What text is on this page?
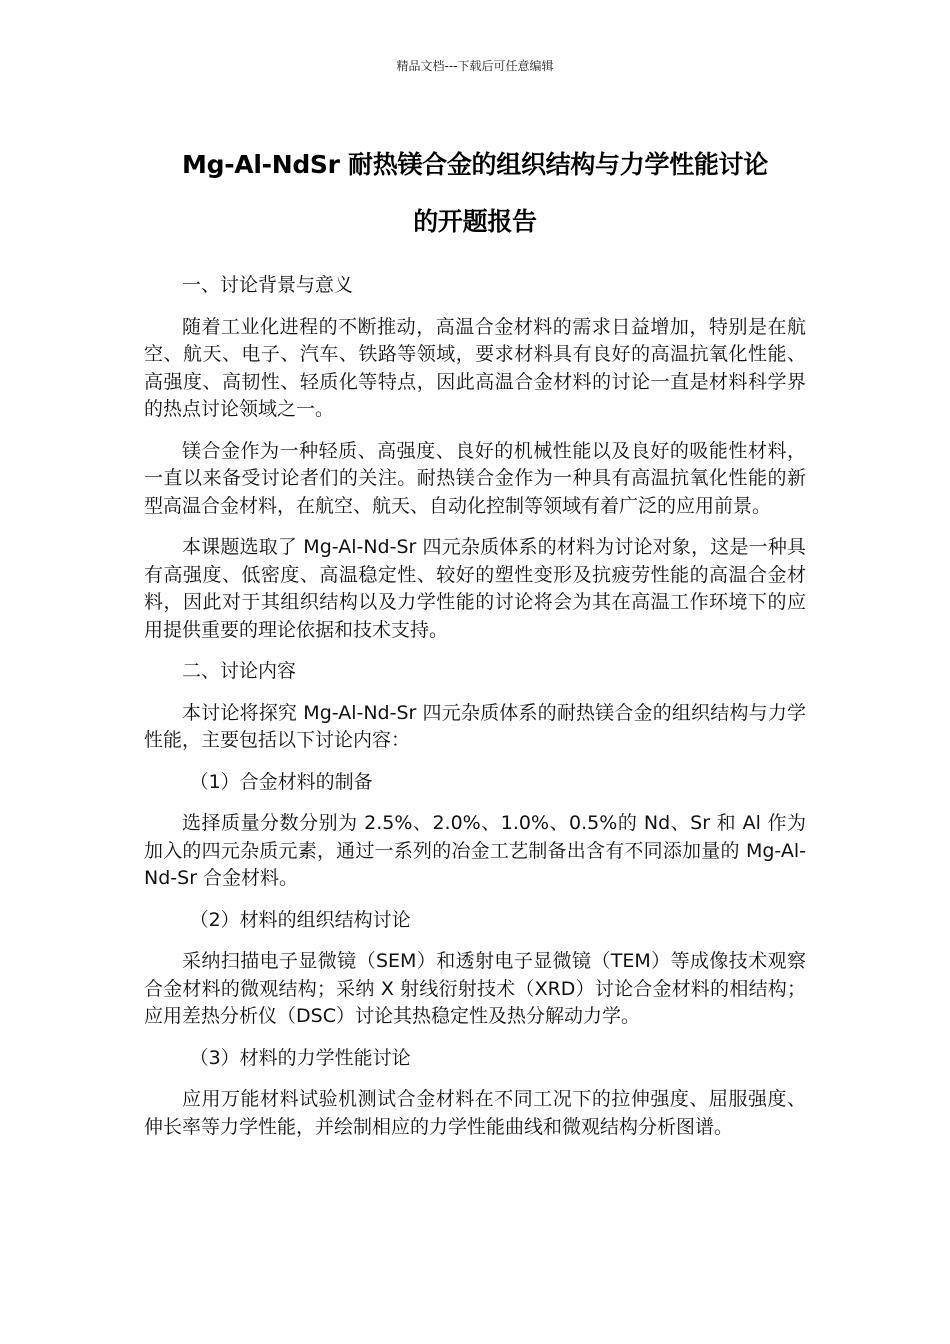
精品文档---下载后可任意编辑
Mg-Al-NdSr 耐热镁合金的组织结构与力学性能讨论
的开题报告

一、讨论背景与意义

随着工业化进程的不断推动，高温合金材料的需求日益增加，特别是在航空、航天、电子、汽车、铁路等领域，要求材料具有良好的高温抗氧化性能、高强度、高韧性、轻质化等特点，因此高温合金材料的讨论一直是材料科学界的热点讨论领域之一。

镁合金作为一种轻质、高强度、良好的机械性能以及良好的吸能性材料，一直以来备受讨论者们的关注。耐热镁合金作为一种具有高温抗氧化性能的新型高温合金材料，在航空、航天、自动化控制等领域有着广泛的应用前景。

本课题选取了 Mg-Al-Nd-Sr 四元杂质体系的材料为讨论对象，这是一种具有高强度、低密度、高温稳定性、较好的塑性变形及抗疲劳性能的高温合金材料，因此对于其组织结构以及力学性能的讨论将会为其在高温工作环境下的应用提供重要的理论依据和技术支持。

二、讨论内容

本讨论将探究 Mg-Al-Nd-Sr 四元杂质体系的耐热镁合金的组织结构与力学性能，主要包括以下讨论内容：

（1）合金材料的制备

选择质量分数分别为 2.5%、2.0%、1.0%、0.5%的 Nd、Sr 和 Al 作为加入的四元杂质元素，通过一系列的冶金工艺制备出含有不同添加量的 Mg-Al-Nd-Sr 合金材料。

（2）材料的组织结构讨论

采纳扫描电子显微镜（SEM）和透射电子显微镜（TEM）等成像技术观察合金材料的微观结构；采纳 X 射线衍射技术（XRD）讨论合金材料的相结构；应用差热分析仪（DSC）讨论其热稳定性及热分解动力学。

（3）材料的力学性能讨论

应用万能材料试验机测试合金材料在不同工况下的拉伸强度、屈服强度、伸长率等力学性能，并绘制相应的力学性能曲线和微观结构分析图谱。
